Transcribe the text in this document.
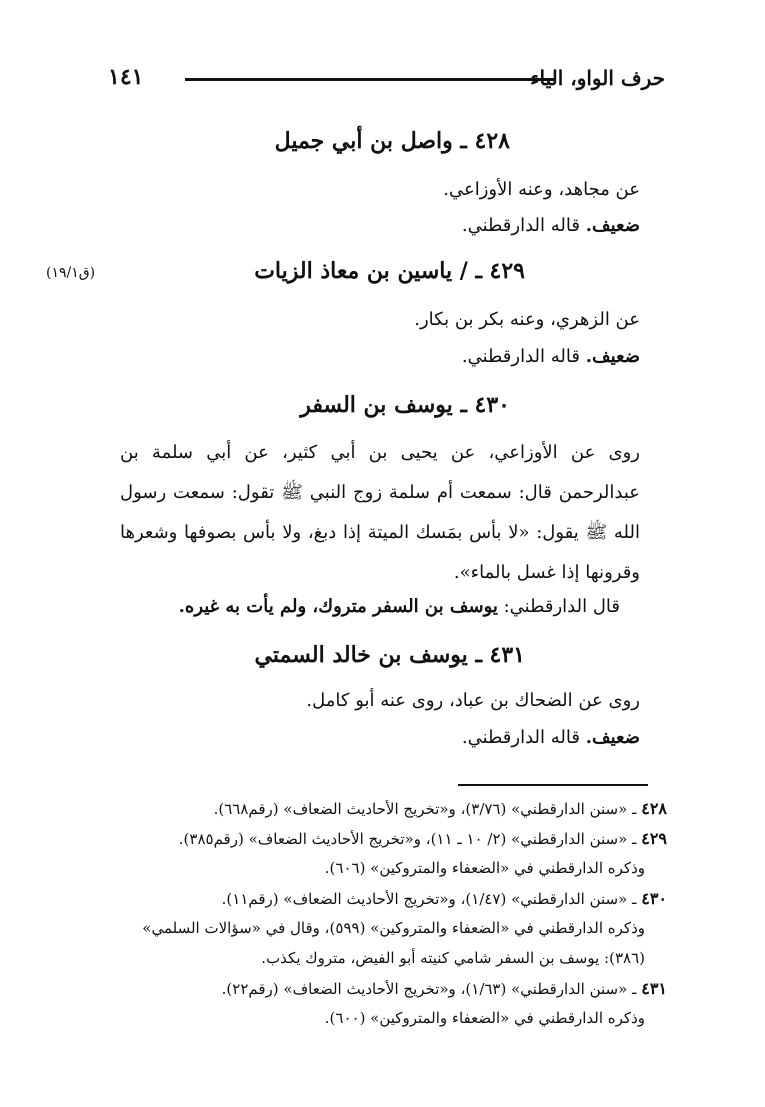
حرف الواو، الياء
١٤١
٤٢٨ ـ واصل بن أبي جميل
عن مجاهد، وعنه الأوزاعي.
ضعيف. قاله الدارقطني.
٤٢٩ ـ / ياسين بن معاذ الزيات
(ق١٩/١)
عن الزهري، وعنه بكر بن بكار.
ضعيف. قاله الدارقطني.
٤٣٠ ـ يوسف بن السفر
روى عن الأوزاعي، عن يحيى بن أبي كثير، عن أبي سلمة بن عبدالرحمن قال: سمعت أم سلمة زوج النبي ﷺ تقول: سمعت رسول الله ﷺ يقول: «لا بأس بمَسك الميتة إذا دبغ، ولا بأس بصوفها وشعرها وقرونها إذا غسل بالماء».
قال الدارقطني: يوسف بن السفر متروك، ولم يأت به غيره.
٤٣١ ـ يوسف بن خالد السمتي
روى عن الضحاك بن عباد، روى عنه أبو كامل.
ضعيف. قاله الدارقطني.
٤٢٨ ـ «سنن الدارقطني» (٣/٧٦)، و«تخريج الأحاديث الضعاف» (رقم٦٦٨).
٤٢٩ ـ «سنن الدارقطني» (٢/ ١٠ ـ ١١)، و«تخريج الأحاديث الضعاف» (رقم٣٨٥).
وذكره الدارقطني في «الضعفاء والمتروكين» (٦٠٦).
٤٣٠ ـ «سنن الدارقطني» (١/٤٧)، و«تخريج الأحاديث الضعاف» (رقم١١).
وذكره الدارقطني في «الضعفاء والمتروكين» (٥٩٩)، وقال في «سؤالات السلمي»
(٣٨٦): يوسف بن السفر شامي كنيته أبو الفيض، متروك يكذب.
٤٣١ ـ «سنن الدارقطني» (١/٦٣)، و«تخريج الأحاديث الضعاف» (رقم٢٢).
وذكره الدارقطني في «الضعفاء والمتروكين» (٦٠٠).
